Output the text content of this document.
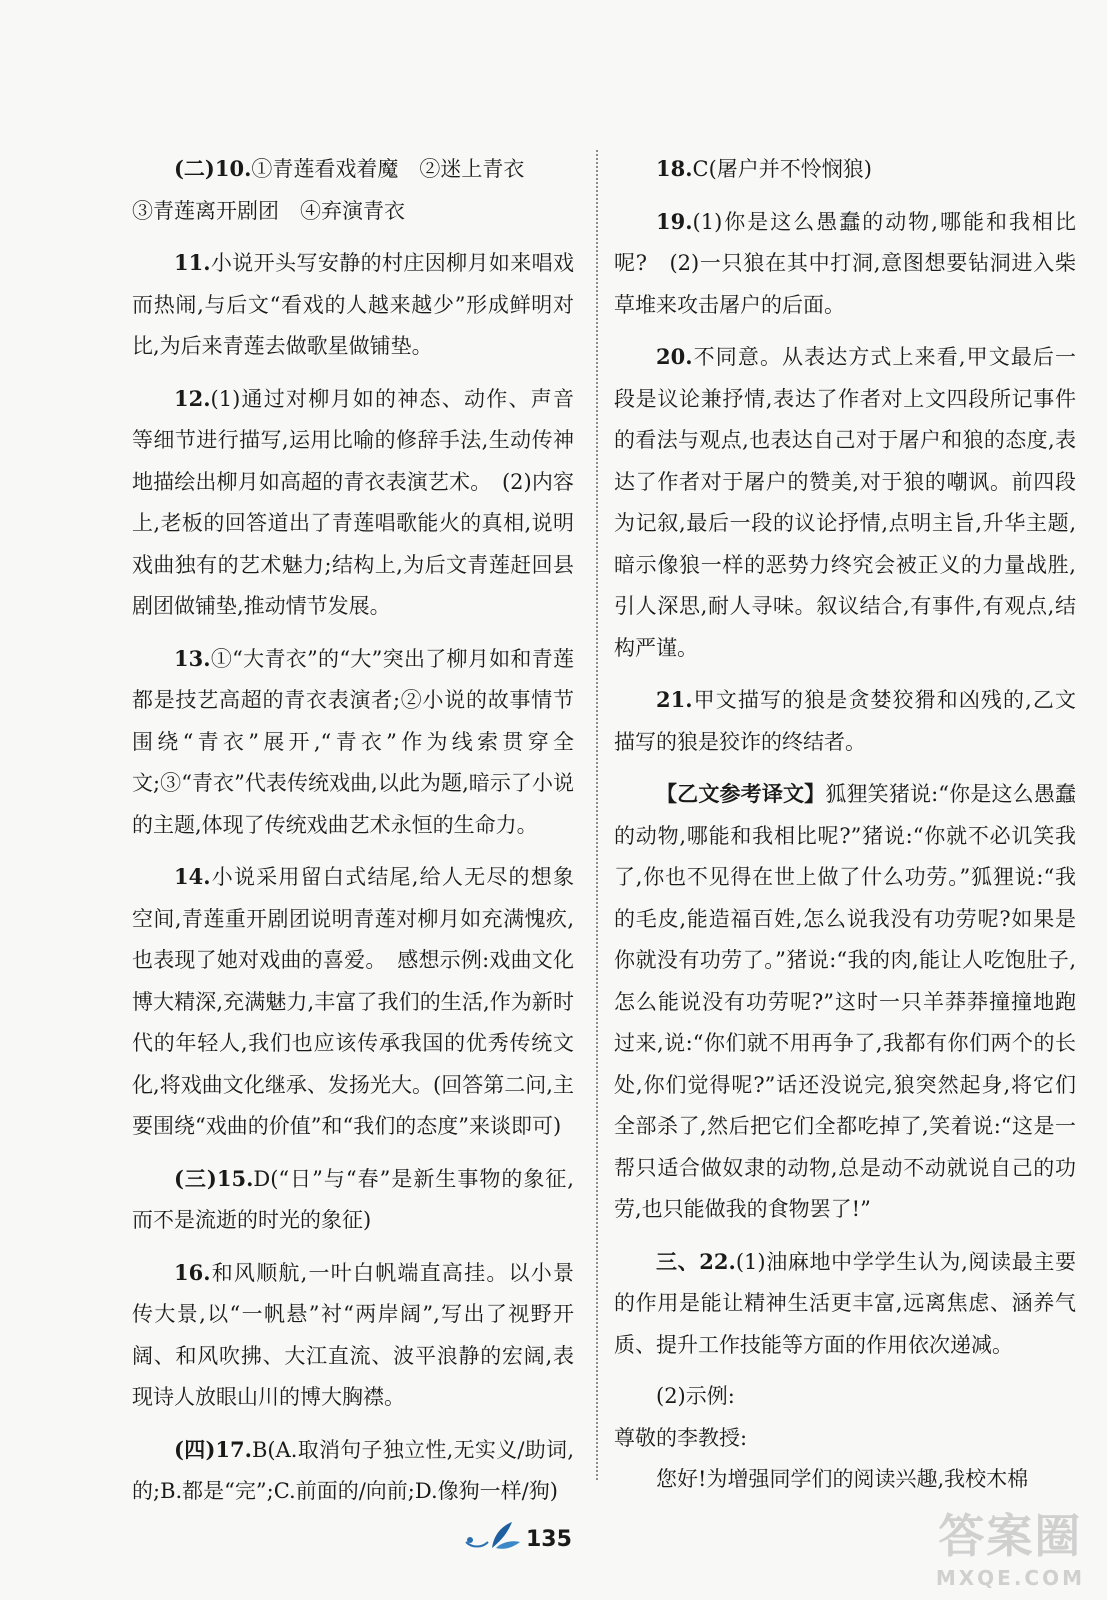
(二)10.①青莲看戏着魔　②迷上青衣

③青莲离开剧团　④弃演青衣

11.小说开头写安静的村庄因柳月如来唱戏而热闹,与后文“看戏的人越来越少”形成鲜明对比,为后来青莲去做歌星做铺垫。

12.(1)通过对柳月如的神态、动作、声音等细节进行描写,运用比喻的修辞手法,生动传神地描绘出柳月如高超的青衣表演艺术。　(2)内容上,老板的回答道出了青莲唱歌能火的真相,说明戏曲独有的艺术魅力;结构上,为后文青莲赶回县剧团做铺垫,推动情节发展。

13.①“大青衣”的“大”突出了柳月如和青莲都是技艺高超的青衣表演者;②小说的故事情节围绕“青衣”展开,“青衣”作为线索贯穿全文;③“青衣”代表传统戏曲,以此为题,暗示了小说的主题,体现了传统戏曲艺术永恒的生命力。

14.小说采用留白式结尾,给人无尽的想象空间,青莲重开剧团说明青莲对柳月如充满愧疚,也表现了她对戏曲的喜爱。　感想示例:戏曲文化博大精深,充满魅力,丰富了我们的生活,作为新时代的年轻人,我们也应该传承我国的优秀传统文化,将戏曲文化继承、发扬光大。(回答第二问,主要围绕“戏曲的价值”和“我们的态度”来谈即可)

(三)15.D(“日”与“春”是新生事物的象征,而不是流逝的时光的象征)

16.和风顺航,一叶白帆端直高挂。以小景传大景,以“一帆悬”衬“两岸阔”,写出了视野开阔、和风吹拂、大江直流、波平浪静的宏阔,表现诗人放眼山川的博大胸襟。

(四)17.B(A.取消句子独立性,无实义/助词,的;B.都是“完”;C.前面的/向前;D.像狗一样/狗)

18.C(屠户并不怜悯狼)

19.(1)你是这么愚蠢的动物,哪能和我相比呢?　(2)一只狼在其中打洞,意图想要钻洞进入柴草堆来攻击屠户的后面。

20.不同意。从表达方式上来看,甲文最后一段是议论兼抒情,表达了作者对上文四段所记事件的看法与观点,也表达自己对于屠户和狼的态度,表达了作者对于屠户的赞美,对于狼的嘲讽。前四段为记叙,最后一段的议论抒情,点明主旨,升华主题,暗示像狼一样的恶势力终究会被正义的力量战胜,引人深思,耐人寻味。叙议结合,有事件,有观点,结构严谨。

21.甲文描写的狼是贪婪狡猾和凶残的,乙文描写的狼是狡诈的终结者。

【乙文参考译文】狐狸笑猪说:“你是这么愚蠢的动物,哪能和我相比呢?”猪说:“你就不必讥笑我了,你也不见得在世上做了什么功劳。”狐狸说:“我的毛皮,能造福百姓,怎么说我没有功劳呢?如果是你就没有功劳了。”猪说:“我的肉,能让人吃饱肚子,怎么能说没有功劳呢?”这时一只羊莽莽撞撞地跑过来,说:“你们就不用再争了,我都有你们两个的长处,你们觉得呢?”话还没说完,狼突然起身,将它们全部杀了,然后把它们全都吃掉了,笑着说:“这是一帮只适合做奴隶的动物,总是动不动就说自己的功劳,也只能做我的食物罢了!”

三、22.(1)油麻地中学学生认为,阅读最主要的作用是能让精神生活更丰富,远离焦虑、涵养气质、提升工作技能等方面的作用依次递减。

(2)示例:

尊敬的李教授:

您好!为增强同学们的阅读兴趣,我校木棉

135	答案圈
MXQE.COM
